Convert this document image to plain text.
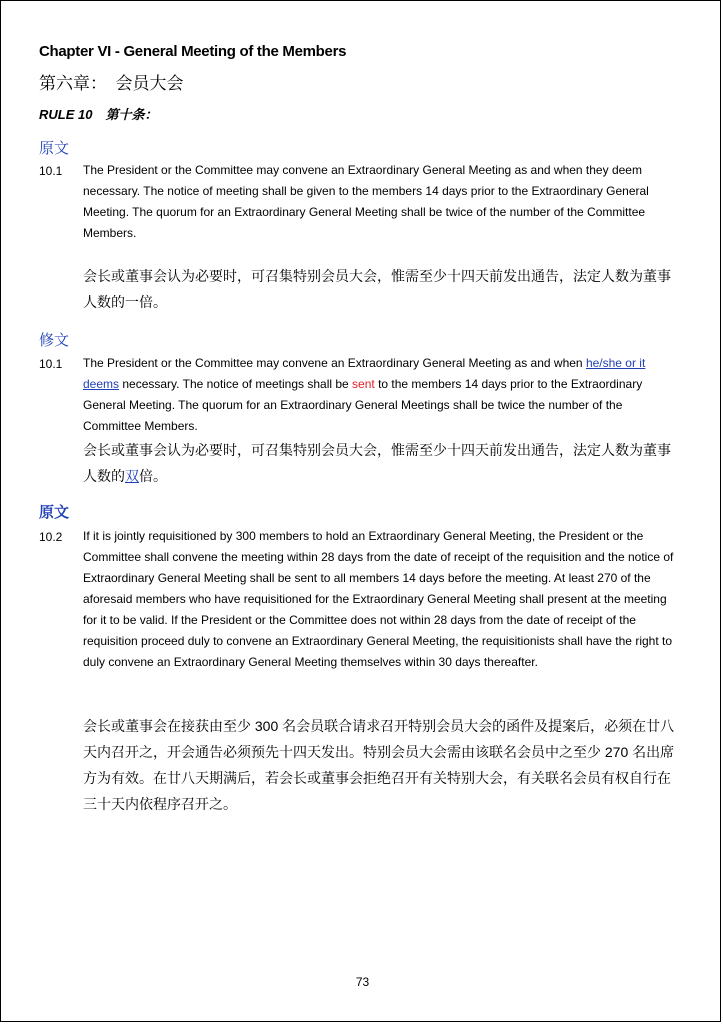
Chapter VI - General Meeting of the Members
第六章：　会员大会
RULE 10　第十条：
原文
10.1 The President or the Committee may convene an Extraordinary General Meeting as and when they deem necessary. The notice of meeting shall be given to the members 14 days prior to the Extraordinary General Meeting. The quorum for an Extraordinary General Meeting shall be twice of the number of the Committee Members.
会长或董事会认为必要时，可召集特别会员大会，惟需至少十四天前发出通告，法定人数为董事人数的一倍。
修文
10.1 The President or the Committee may convene an Extraordinary General Meeting as and when he/she or it deems necessary. The notice of meetings shall be sent to the members 14 days prior to the Extraordinary General Meeting. The quorum for an Extraordinary General Meetings shall be twice the number of the Committee Members.
会长或董事会认为必要时，可召集特别会员大会，惟需至少十四天前发出通告，法定人数为董事人数的双倍。
原文
10.2 If it is jointly requisitioned by 300 members to hold an Extraordinary General Meeting, the President or the Committee shall convene the meeting within 28 days from the date of receipt of the requisition and the notice of Extraordinary General Meeting shall be sent to all members 14 days before the meeting. At least 270 of the aforesaid members who have requisitioned for the Extraordinary General Meeting shall present at the meeting for it to be valid. If the President or the Committee does not within 28 days from the date of receipt of the requisition proceed duly to convene an Extraordinary General Meeting, the requisitionists shall have the right to duly convene an Extraordinary General Meeting themselves within 30 days thereafter.
会长或董事会在接获由至少 300 名会员联合请求召开特别会员大会的函件及提案后，必须在廿八天内召开之，开会通告必须预先十四天发出。特别会员大会需由该联名会员中之至少 270 名出席方为有效。在廿八天期满后，若会长或董事会拒绝召开有关特别大会，有关联名会员有权自行在三十天内依程序召开之。
73
